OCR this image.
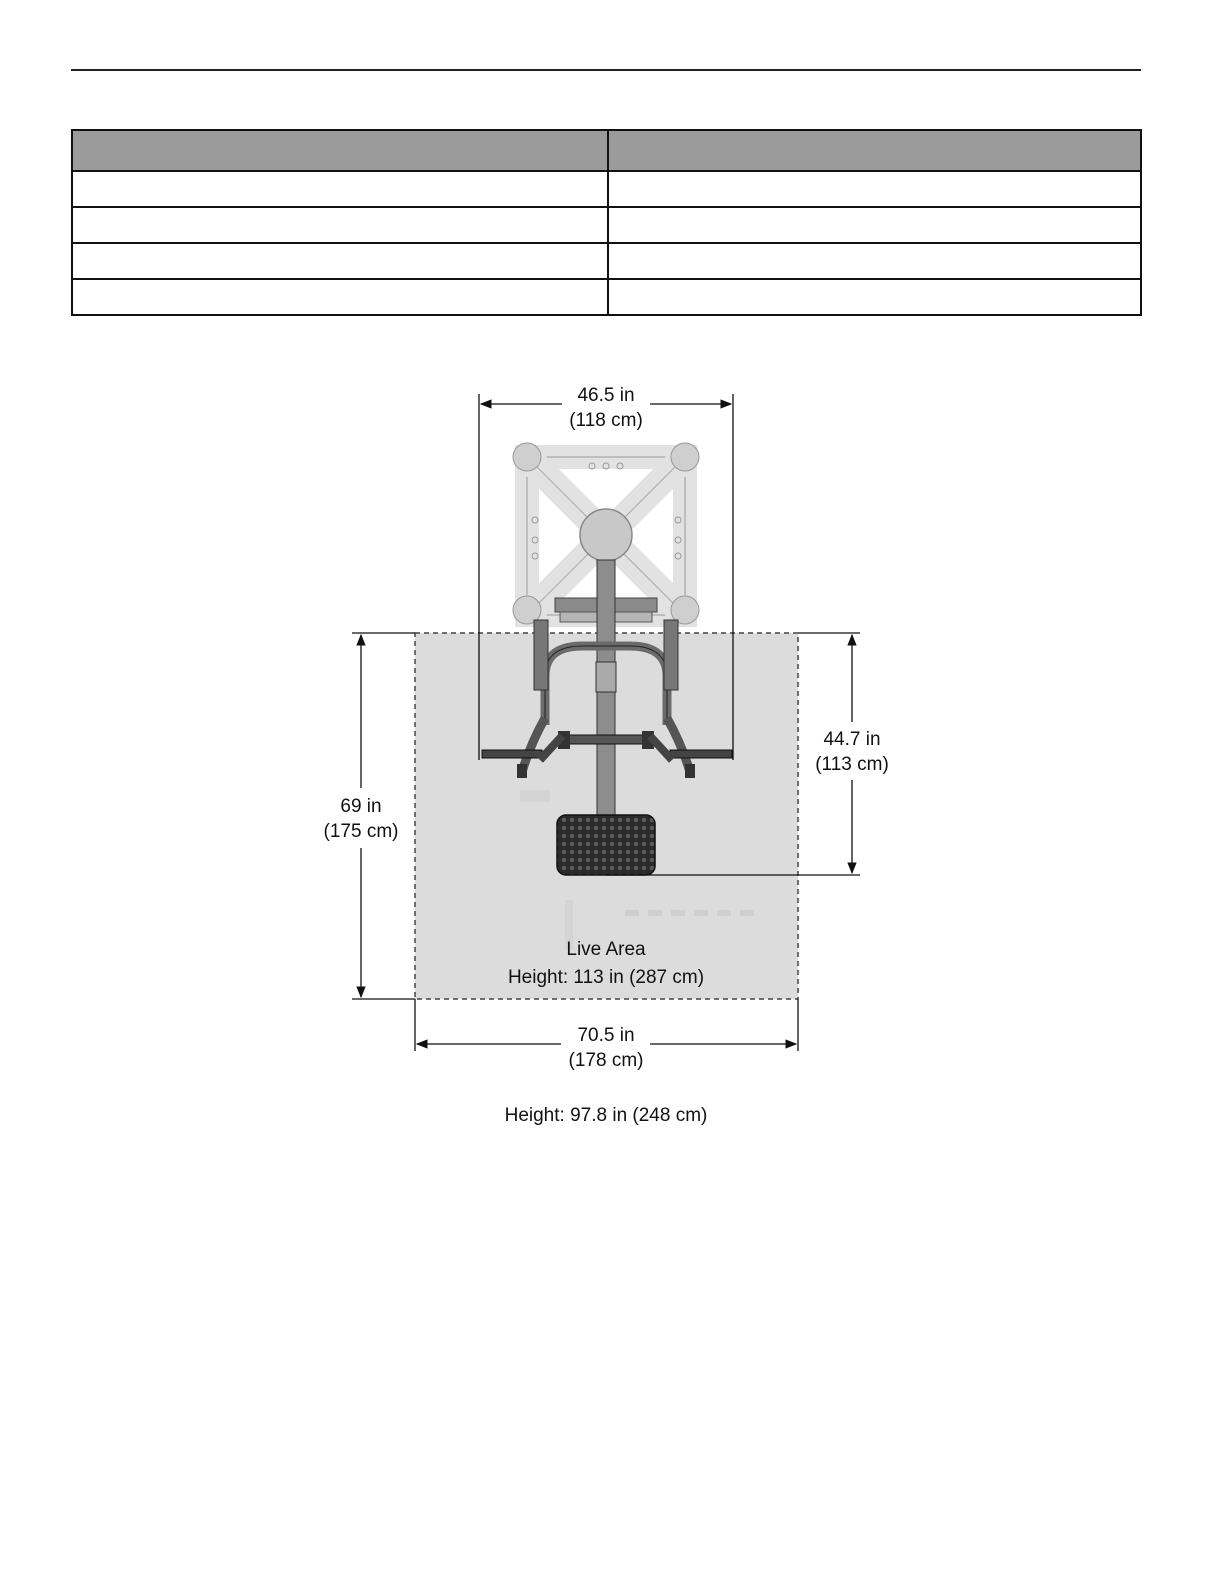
46.5 in
(118 cm)
69 in
(175 cm)
44.7 in
(113 cm)
Live Area
Height: 113 in (287 cm)
70.5 in
(178 cm)
Height: 97.8 in (248 cm)
